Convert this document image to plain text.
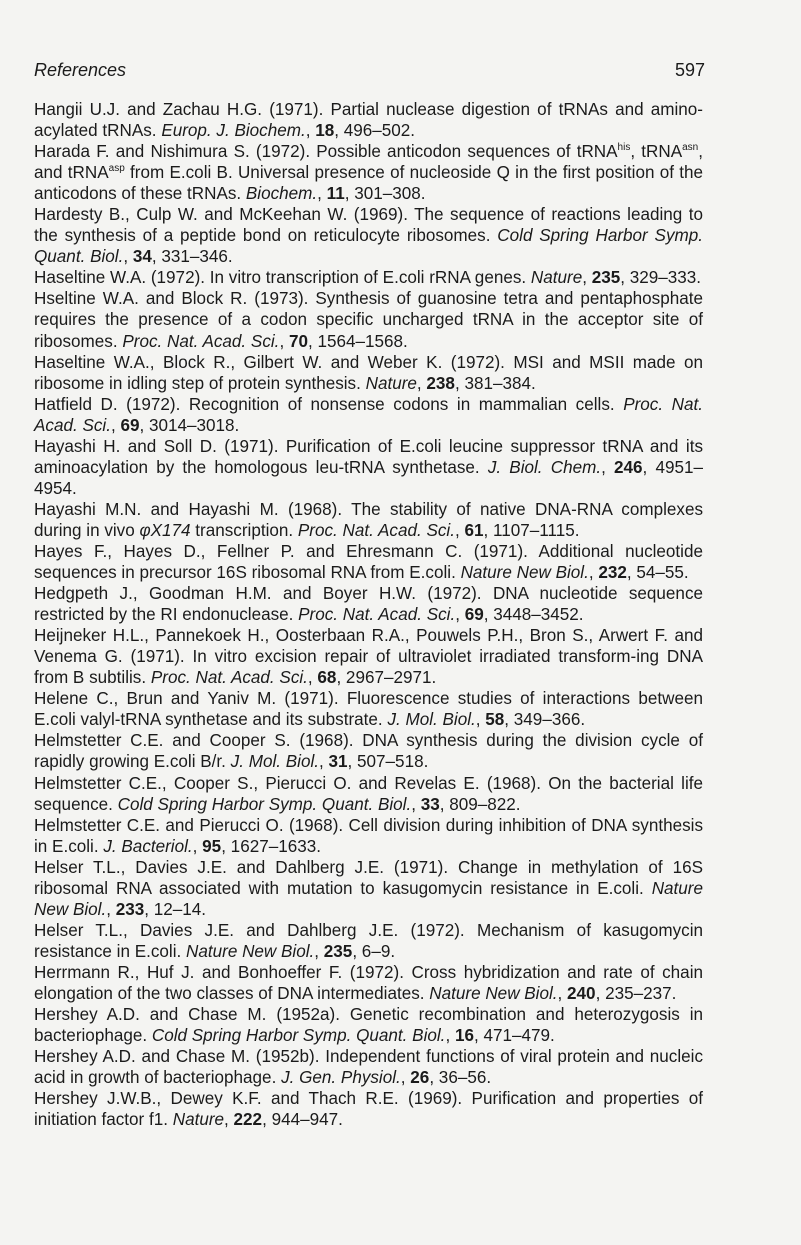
References	597

Hangii U.J. and Zachau H.G. (1971). Partial nuclease digestion of tRNAs and amino-acylated tRNAs. Europ. J. Biochem., 18, 496–502.

Harada F. and Nishimura S. (1972). Possible anticodon sequences of tRNA$^{his}$, tRNA$^{asn}$, and tRNA$^{asp}$ from E.coli B. Universal presence of nucleoside Q in the first position of the anticodons of these tRNAs. Biochem., 11, 301–308.

Hardesty B., Culp W. and McKeehan W. (1969). The sequence of reactions leading to the synthesis of a peptide bond on reticulocyte ribosomes. Cold Spring Harbor Symp. Quant. Biol., 34, 331–346.

Haseltine W.A. (1972). In vitro transcription of E.coli rRNA genes. Nature, 235, 329–333.

Hseltine W.A. and Block R. (1973). Synthesis of guanosine tetra and pentaphosphate requires the presence of a codon specific uncharged tRNA in the acceptor site of ribosomes. Proc. Nat. Acad. Sci., 70, 1564–1568.

Haseltine W.A., Block R., Gilbert W. and Weber K. (1972). MSI and MSII made on ribosome in idling step of protein synthesis. Nature, 238, 381–384.

Hatfield D. (1972). Recognition of nonsense codons in mammalian cells. Proc. Nat. Acad. Sci., 69, 3014–3018.

Hayashi H. and Soll D. (1971). Purification of E.coli leucine suppressor tRNA and its aminoacylation by the homologous leu-tRNA synthetase. J. Biol. Chem., 246, 4951–4954.

Hayashi M.N. and Hayashi M. (1968). The stability of native DNA-RNA complexes during in vivo φX174 transcription. Proc. Nat. Acad. Sci., 61, 1107–1115.

Hayes F., Hayes D., Fellner P. and Ehresmann C. (1971). Additional nucleotide sequences in precursor 16S ribosomal RNA from E.coli. Nature New Biol., 232, 54–55.

Hedgpeth J., Goodman H.M. and Boyer H.W. (1972). DNA nucleotide sequence restricted by the RI endonuclease. Proc. Nat. Acad. Sci., 69, 3448–3452.

Heijneker H.L., Pannekoek H., Oosterbaan R.A., Pouwels P.H., Bron S., Arwert F. and Venema G. (1971). In vitro excision repair of ultraviolet irradiated transform-ing DNA from B subtilis. Proc. Nat. Acad. Sci., 68, 2967–2971.

Helene C., Brun and Yaniv M. (1971). Fluorescence studies of interactions between E.coli valyl-tRNA synthetase and its substrate. J. Mol. Biol., 58, 349–366.

Helmstetter C.E. and Cooper S. (1968). DNA synthesis during the division cycle of rapidly growing E.coli B/r. J. Mol. Biol., 31, 507–518.

Helmstetter C.E., Cooper S., Pierucci O. and Revelas E. (1968). On the bacterial life sequence. Cold Spring Harbor Symp. Quant. Biol., 33, 809–822.

Helmstetter C.E. and Pierucci O. (1968). Cell division during inhibition of DNA synthesis in E.coli. J. Bacteriol., 95, 1627–1633.

Helser T.L., Davies J.E. and Dahlberg J.E. (1971). Change in methylation of 16S ribosomal RNA associated with mutation to kasugomycin resistance in E.coli. Nature New Biol., 233, 12–14.

Helser T.L., Davies J.E. and Dahlberg J.E. (1972). Mechanism of kasugomycin resistance in E.coli. Nature New Biol., 235, 6–9.

Herrmann R., Huf J. and Bonhoeffer F. (1972). Cross hybridization and rate of chain elongation of the two classes of DNA intermediates. Nature New Biol., 240, 235–237.

Hershey A.D. and Chase M. (1952a). Genetic recombination and heterozygosis in bacteriophage. Cold Spring Harbor Symp. Quant. Biol., 16, 471–479.

Hershey A.D. and Chase M. (1952b). Independent functions of viral protein and nucleic acid in growth of bacteriophage. J. Gen. Physiol., 26, 36–56.

Hershey J.W.B., Dewey K.F. and Thach R.E. (1969). Purification and properties of initiation factor f1. Nature, 222, 944–947.
